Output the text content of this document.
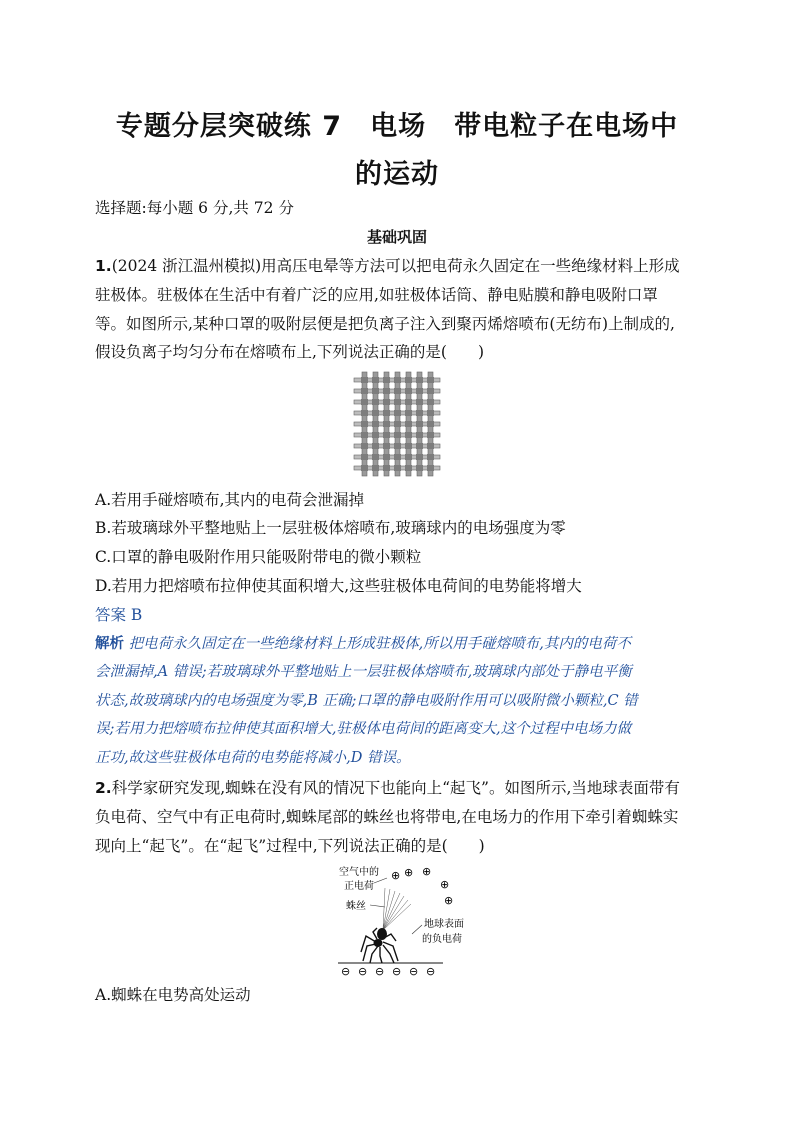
专题分层突破练 7　电场　带电粒子在电场中
的运动
选择题:每小题 6 分,共 72 分
基础巩固
1.(2024 浙江温州模拟)用高压电晕等方法可以把电荷永久固定在一些绝缘材料上形成
驻极体。驻极体在生活中有着广泛的应用,如驻极体话筒、静电贴膜和静电吸附口罩
等。如图所示,某种口罩的吸附层便是把负离子注入到聚丙烯熔喷布(无纺布)上制成的,
假设负离子均匀分布在熔喷布上,下列说法正确的是(　　)
A.若用手碰熔喷布,其内的电荷会泄漏掉
B.若玻璃球外平整地贴上一层驻极体熔喷布,玻璃球内的电场强度为零
C.口罩的静电吸附作用只能吸附带电的微小颗粒
D.若用力把熔喷布拉伸使其面积增大,这些驻极体电荷间的电势能将增大
答案 B
解析 把电荷永久固定在一些绝缘材料上形成驻极体,所以用手碰熔喷布,其内的电荷不
会泄漏掉,A 错误;若玻璃球外平整地贴上一层驻极体熔喷布,玻璃球内部处于静电平衡
状态,故玻璃球内的电场强度为零,B 正确;口罩的静电吸附作用可以吸附微小颗粒,C 错
误;若用力把熔喷布拉伸使其面积增大,驻极体电荷间的距离变大,这个过程中电场力做
正功,故这些驻极体电荷的电势能将减小,D 错误。
2.科学家研究发现,蜘蛛在没有风的情况下也能向上“起飞”。如图所示,当地球表面带有
负电荷、空气中有正电荷时,蜘蛛尾部的蛛丝也将带电,在电场力的作用下牵引着蜘蛛实
现向上“起飞”。在“起飞”过程中,下列说法正确的是(　　)
空气中的
正电荷
蛛丝
地球表面
的负电荷
⊕ ⊕ ⊕
⊕
⊕
⊖ ⊖ ⊖ ⊖ ⊖ ⊖
A.蜘蛛在电势高处运动
